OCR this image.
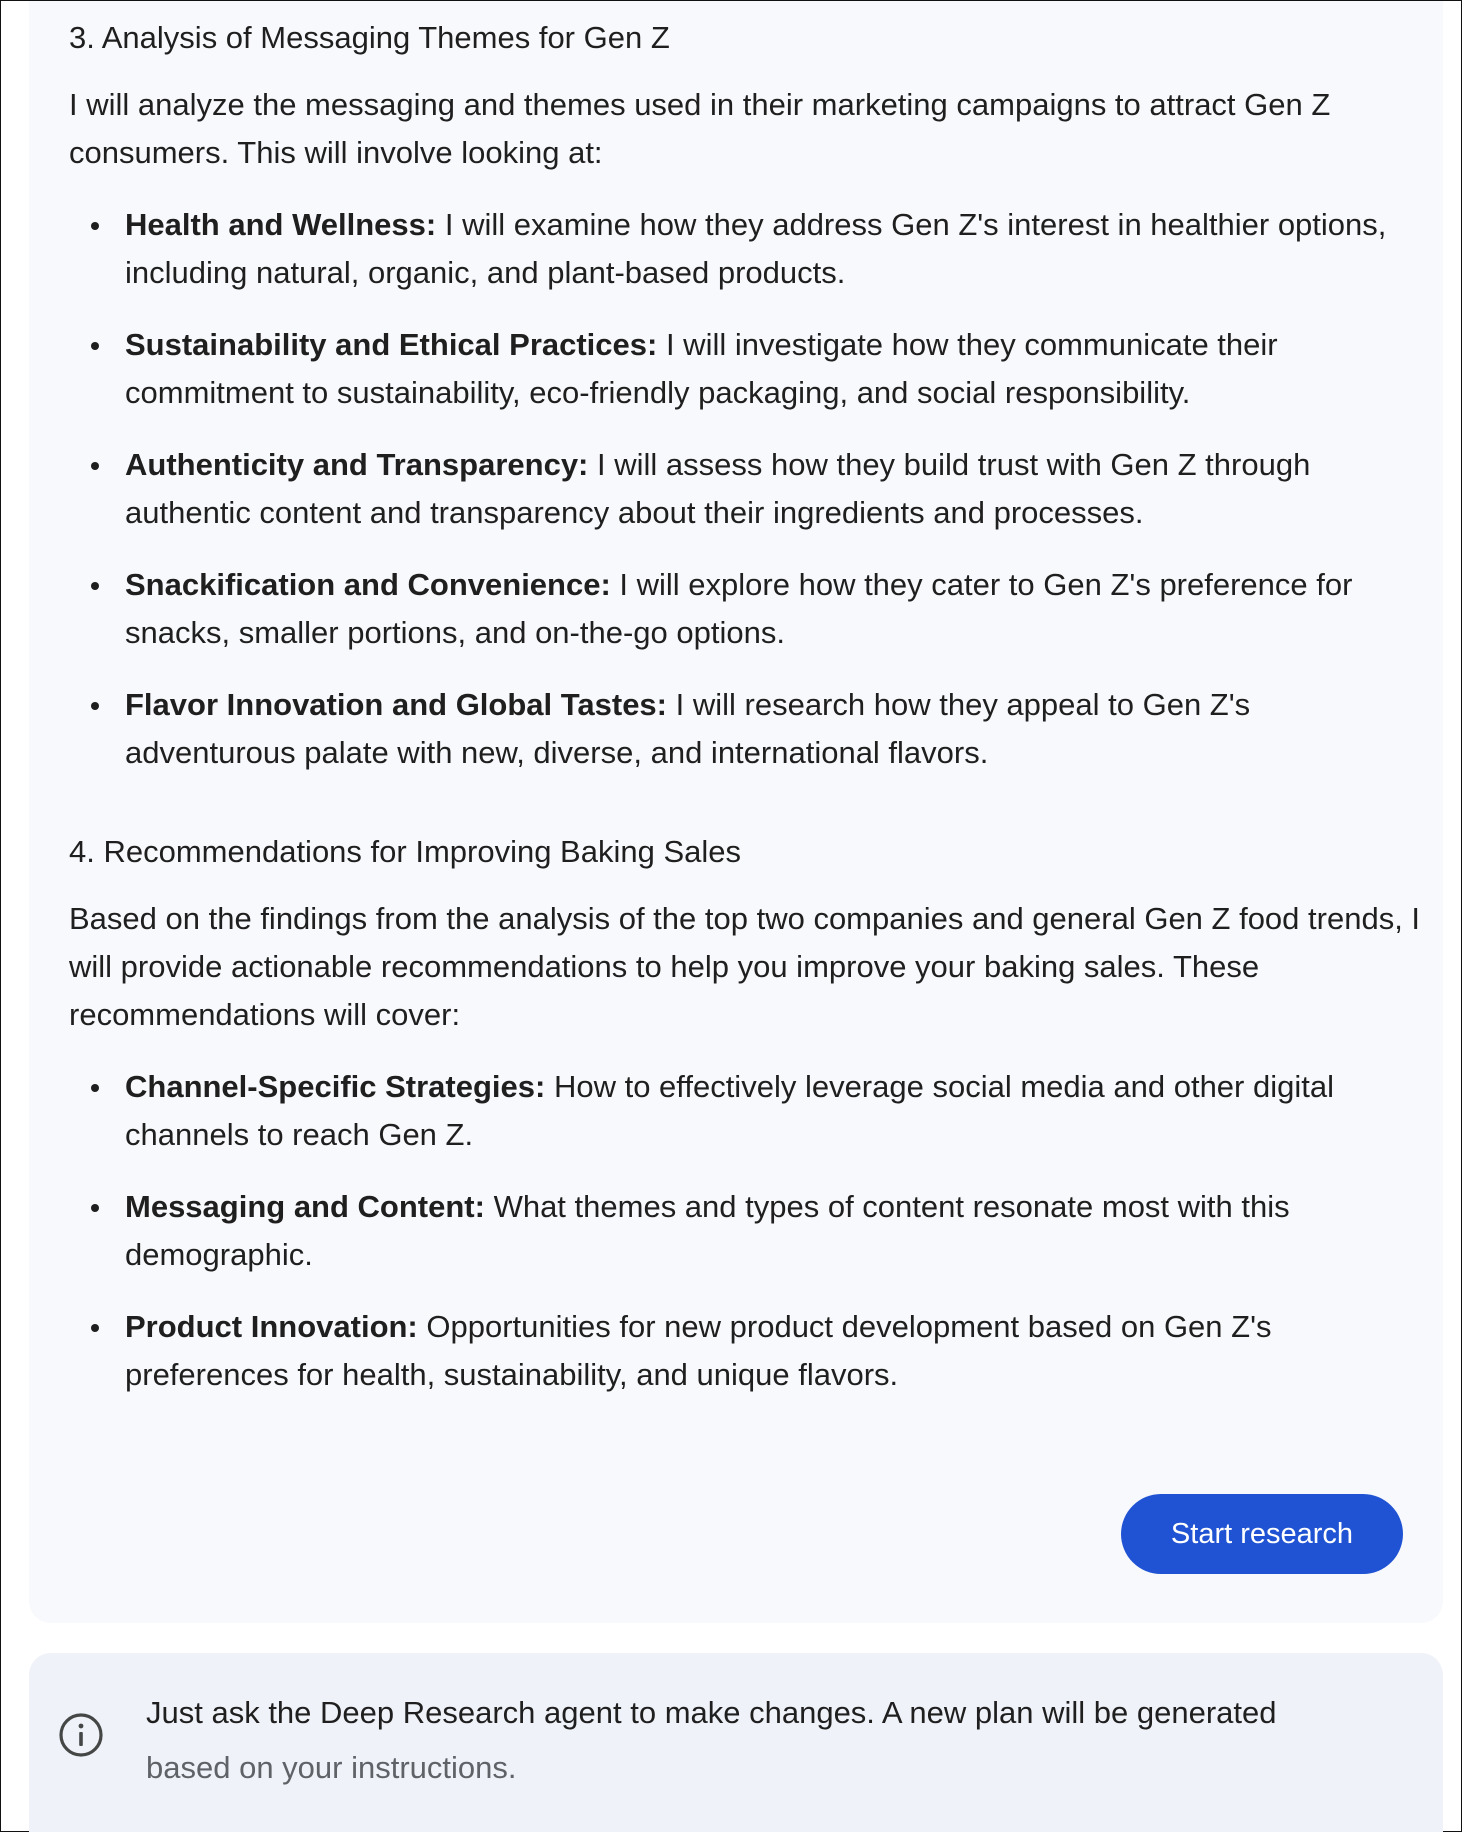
3. Analysis of Messaging Themes for Gen Z

I will analyze the messaging and themes used in their marketing campaigns to attract Gen Z consumers. This will involve looking at:

Health and Wellness: I will examine how they address Gen Z's interest in healthier options, including natural, organic, and plant-based products.
Sustainability and Ethical Practices: I will investigate how they communicate their commitment to sustainability, eco-friendly packaging, and social responsibility.
Authenticity and Transparency: I will assess how they build trust with Gen Z through authentic content and transparency about their ingredients and processes.
Snackification and Convenience: I will explore how they cater to Gen Z's preference for snacks, smaller portions, and on-the-go options.
Flavor Innovation and Global Tastes: I will research how they appeal to Gen Z's adventurous palate with new, diverse, and international flavors.
4. Recommendations for Improving Baking Sales

Based on the findings from the analysis of the top two companies and general Gen Z food trends, I will provide actionable recommendations to help you improve your baking sales. These recommendations will cover:

Channel-Specific Strategies: How to effectively leverage social media and other digital channels to reach Gen Z.
Messaging and Content: What themes and types of content resonate most with this demographic.
Product Innovation: Opportunities for new product development based on Gen Z's preferences for health, sustainability, and unique flavors.
Start research
Just ask the Deep Research agent to make changes. A new plan will be generated
based on your instructions.
